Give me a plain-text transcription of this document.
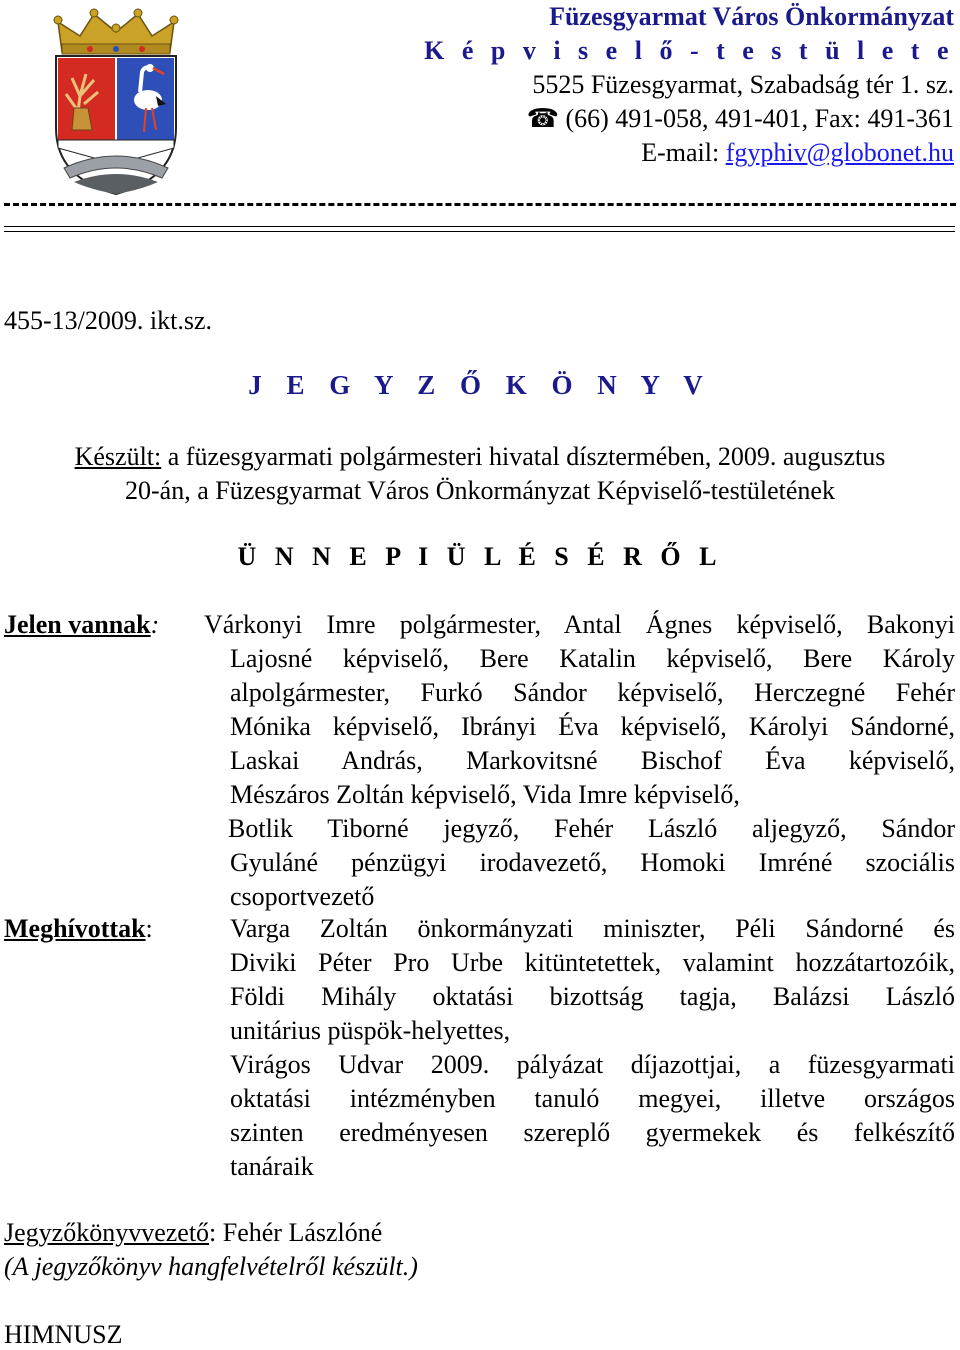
Füzesgyarmat Város Önkormányzat
K é p v i s e l ő - t e s t ü l e t e
5525 Füzesgyarmat, Szabadság tér 1. sz.
☎ (66) 491-058, 491-401, Fax: 491-361
E-mail: fgyphiv@globonet.hu
455-13/2009. ikt.sz.
J E G Y Z Ő K Ö N Y V
Készült: a füzesgyarmati polgármesteri hivatal dísztermében, 2009. augusztus
20-án, a Füzesgyarmat Város Önkormányzat Képviselő-testületének
Ü N N E P I Ü L É S É R Ő L
Jelen vannak: Várkonyi Imre polgármester, Antal Ágnes képviselő, Bakonyi
Lajosné képviselő, Bere Katalin képviselő, Bere Károly
alpolgármester, Furkó Sándor képviselő, Herczegné Fehér
Mónika képviselő, Ibrányi Éva képviselő, Károlyi Sándorné,
Laskai András, Markovitsné Bischof Éva képviselő,
Mészáros Zoltán képviselő, Vida Imre képviselő,
Botlik Tiborné jegyző, Fehér László aljegyző, Sándor
Gyuláné pénzügyi irodavezető, Homoki Imréné szociális
csoportvezető
Meghívottak:	Varga Zoltán önkormányzati miniszter, Péli Sándorné és
Diviki Péter Pro Urbe kitüntetettek, valamint hozzátartozóik,
Földi Mihály oktatási bizottság tagja, Balázsi László
unitárius püspök-helyettes,
Virágos Udvar 2009. pályázat díjazottjai, a füzesgyarmati
oktatási intézményben tanuló megyei, illetve országos
szinten eredményesen szereplő gyermekek és felkészítő
tanáraik
Jegyzőkönyvvezető: Fehér Lászlóné
(A jegyzőkönyv hangfelvételről készült.)
HIMNUSZ
